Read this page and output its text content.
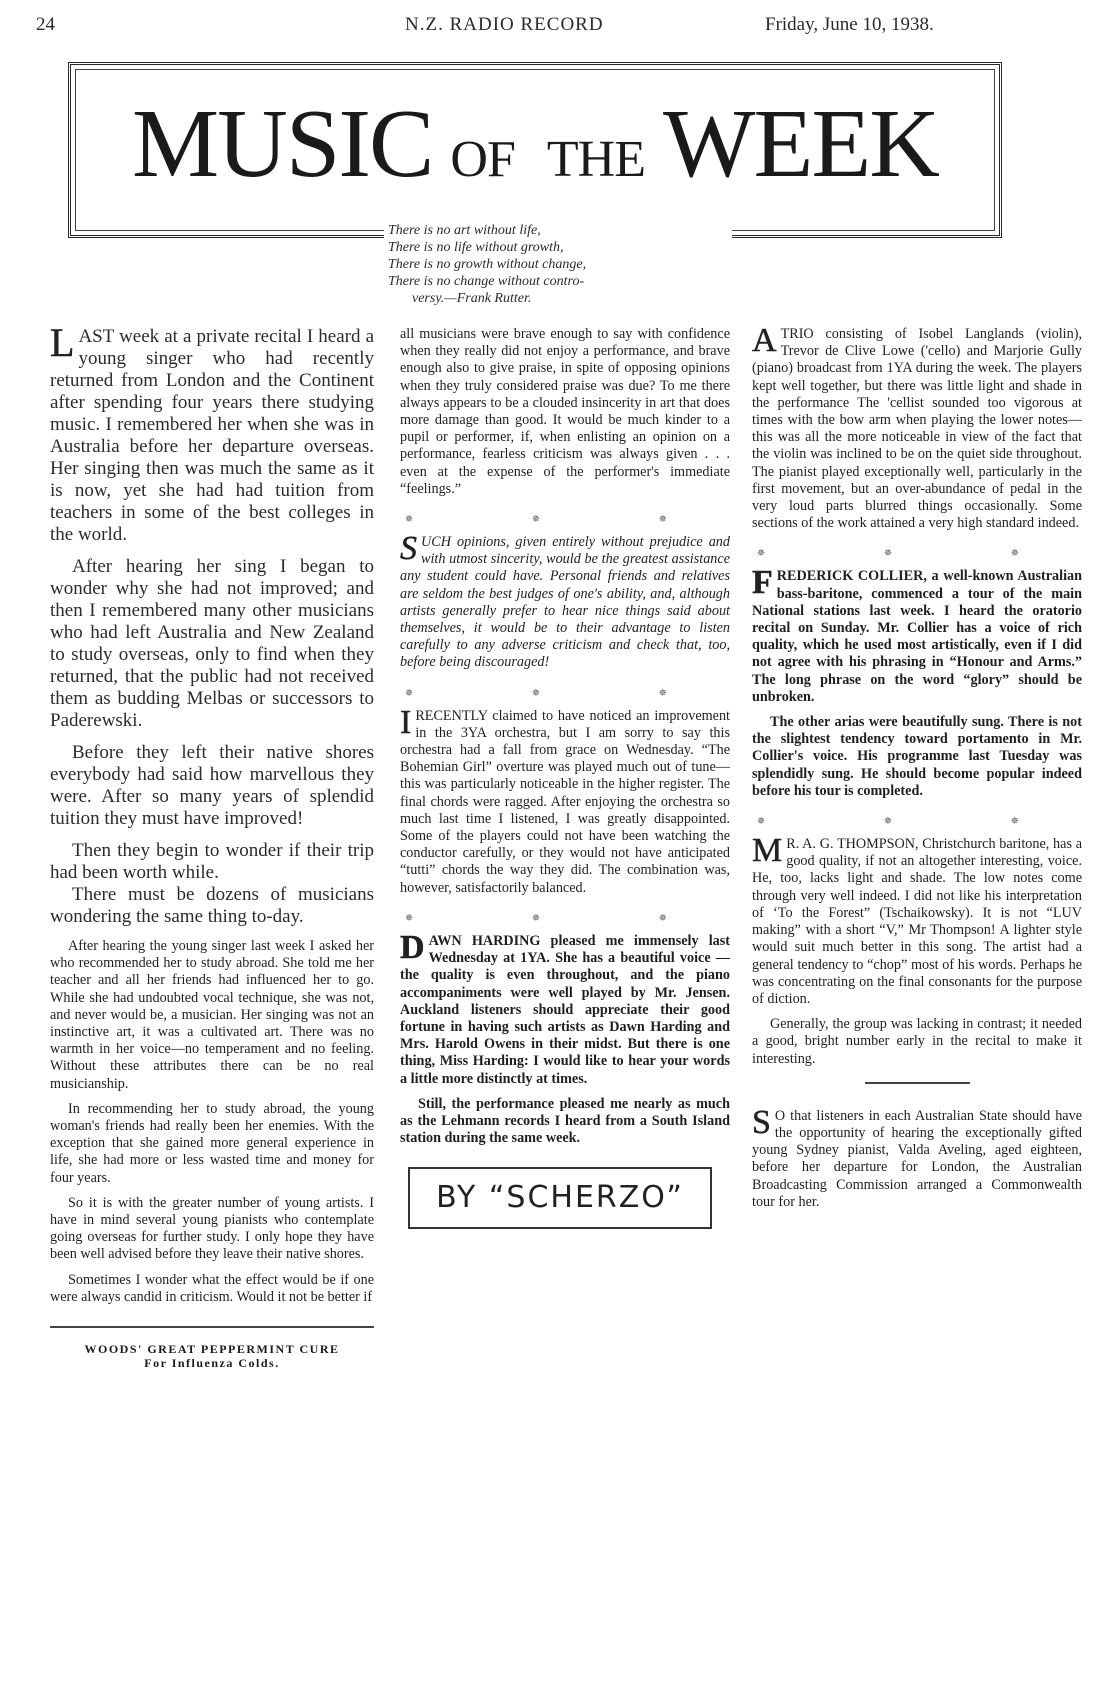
24	N.Z. RADIO RECORD	Friday, June 10, 1938.
MUSIC OF THE WEEK
There is no art without life,
There is no life without growth,
There is no growth without change,
There is no change without contro-
versy.—Frank Rutter.

LAST week at a private recital I heard a young singer who had recently returned from London and the Continent after spending four years there studying music. I remembered her when she was in Australia before her departure overseas. Her singing then was much the same as it is now, yet she had had tuition from teachers in some of the best colleges in the world.

After hearing her sing I began to wonder why she had not improved; and then I remembered many other musicians who had left Australia and New Zealand to study overseas, only to find when they returned, that the public had not received them as budding Melbas or successors to Paderewski.

Before they left their native shores everybody had said how marvellous they were. After so many years of splendid tuition they must have improved!

Then they begin to wonder if their trip had been worth while.

There must be dozens of musicians wondering the same thing to-day.

After hearing the young singer last week I asked her who recommended her to study abroad. She told me her teacher and all her friends had influenced her to go. While she had undoubted vocal technique, she was not, and never would be, a musician. Her singing was not an instinctive art, it was a cultivated art. There was no warmth in her voice—no temperament and no feeling. Without these attributes there can be no real musicianship.

In recommending her to study abroad, the young woman's friends had really been her enemies. With the exception that she gained more general experience in life, she had more or less wasted time and money for four years.

So it is with the greater number of young artists. I have in mind several young pianists who contemplate going overseas for further study. I only hope they have been well advised before they leave their native shores.

Sometimes I wonder what the effect would be if one were always candid in criticism. Would it not be better if

WOODS' GREAT PEPPERMINT CURE
For Influenza Colds.

all musicians were brave enough to say with confidence when they really did not enjoy a performance, and brave enough also to give praise, in spite of opposing opinions when they truly considered praise was due? To me there always appears to be a clouded insincerity in art that does more damage than good. It would be much kinder to a pupil or performer, if, when enlisting an opinion on a performance, fearless criticism was always given . . . even at the expense of the performer's immediate “feelings.”

✵ ✵ ✵

SUCH opinions, given entirely without prejudice and with utmost sincerity, would be the greatest assistance any student could have. Personal friends and relatives are seldom the best judges of one's ability, and, although artists generally prefer to hear nice things said about themselves, it would be to their advantage to listen carefully to any adverse criticism and check that, too, before being discouraged!

✵ ✵ ✵

IRECENTLY claimed to have noticed an improvement in the 3YA orchestra, but I am sorry to say this orchestra had a fall from grace on Wednesday. “The Bohemian Girl” overture was played much out of tune—this was particularly noticeable in the higher register. The final chords were ragged. After enjoying the orchestra so much last time I listened, I was greatly disappointed. Some of the players could not have been watching the conductor carefully, or they would not have anticipated “tutti” chords the way they did. The combination was, however, satisfactorily balanced.

✵ ✵ ✵

DAWN HARDING pleased me immensely last Wednesday at 1YA. She has a beautiful voice —the quality is even throughout, and the piano accompaniments were well played by Mr. Jensen. Auckland listeners should appreciate their good fortune in having such artists as Dawn Harding and Mrs. Harold Owens in their midst. But there is one thing, Miss Harding: I would like to hear your words a little more distinctly at times.

Still, the performance pleased me nearly as much as the Lehmann records I heard from a South Island station during the same week.

BY “SCHERZO”

ATRIO consisting of Isobel Langlands (violin), Trevor de Clive Lowe ('cello) and Marjorie Gully (piano) broadcast from 1YA during the week. The players kept well together, but there was little light and shade in the performance The 'cellist sounded too vigorous at times with the bow arm when playing the lower notes—this was all the more noticeable in view of the fact that the violin was inclined to be on the quiet side throughout. The pianist played exceptionally well, particularly in the first movement, but an over-abundance of pedal in the very loud parts blurred things occasionally. Some sections of the work attained a very high standard indeed.

✵ ✵ ✵

FREDERICK COLLIER, a well-known Australian bass-baritone, commenced a tour of the main National stations last week. I heard the oratorio recital on Sunday. Mr. Collier has a voice of rich quality, which he used most artistically, even if I did not agree with his phrasing in “Honour and Arms.” The long phrase on the word “glory” should be unbroken.

The other arias were beautifully sung. There is not the slightest tendency toward portamento in Mr. Collier's voice. His programme last Tuesday was splendidly sung. He should become popular indeed before his tour is completed.

✵ ✵ ✵

M R. A. G. THOMPSON, Christchurch baritone, has a good quality, if not an altogether interesting, voice. He, too, lacks light and shade. The low notes come through very well indeed. I did not like his interpretation of ‘To the Forest” (Tschaikowsky). It is not “LUV making” with a short “V,” Mr Thompson! A lighter style would suit much better in this song. The artist had a general tendency to “chop” most of his words. Perhaps he was concentrating on the final consonants for the purpose of diction.

Generally, the group was lacking in contrast; it needed a good, bright number early in the recital to make it interesting.

S O that listeners in each Australian State should have the opportunity of hearing the exceptionally gifted young Sydney pianist, Valda Aveling, aged eighteen, before her departure for London, the Australian Broadcasting Commission arranged a Commonwealth tour for her.
